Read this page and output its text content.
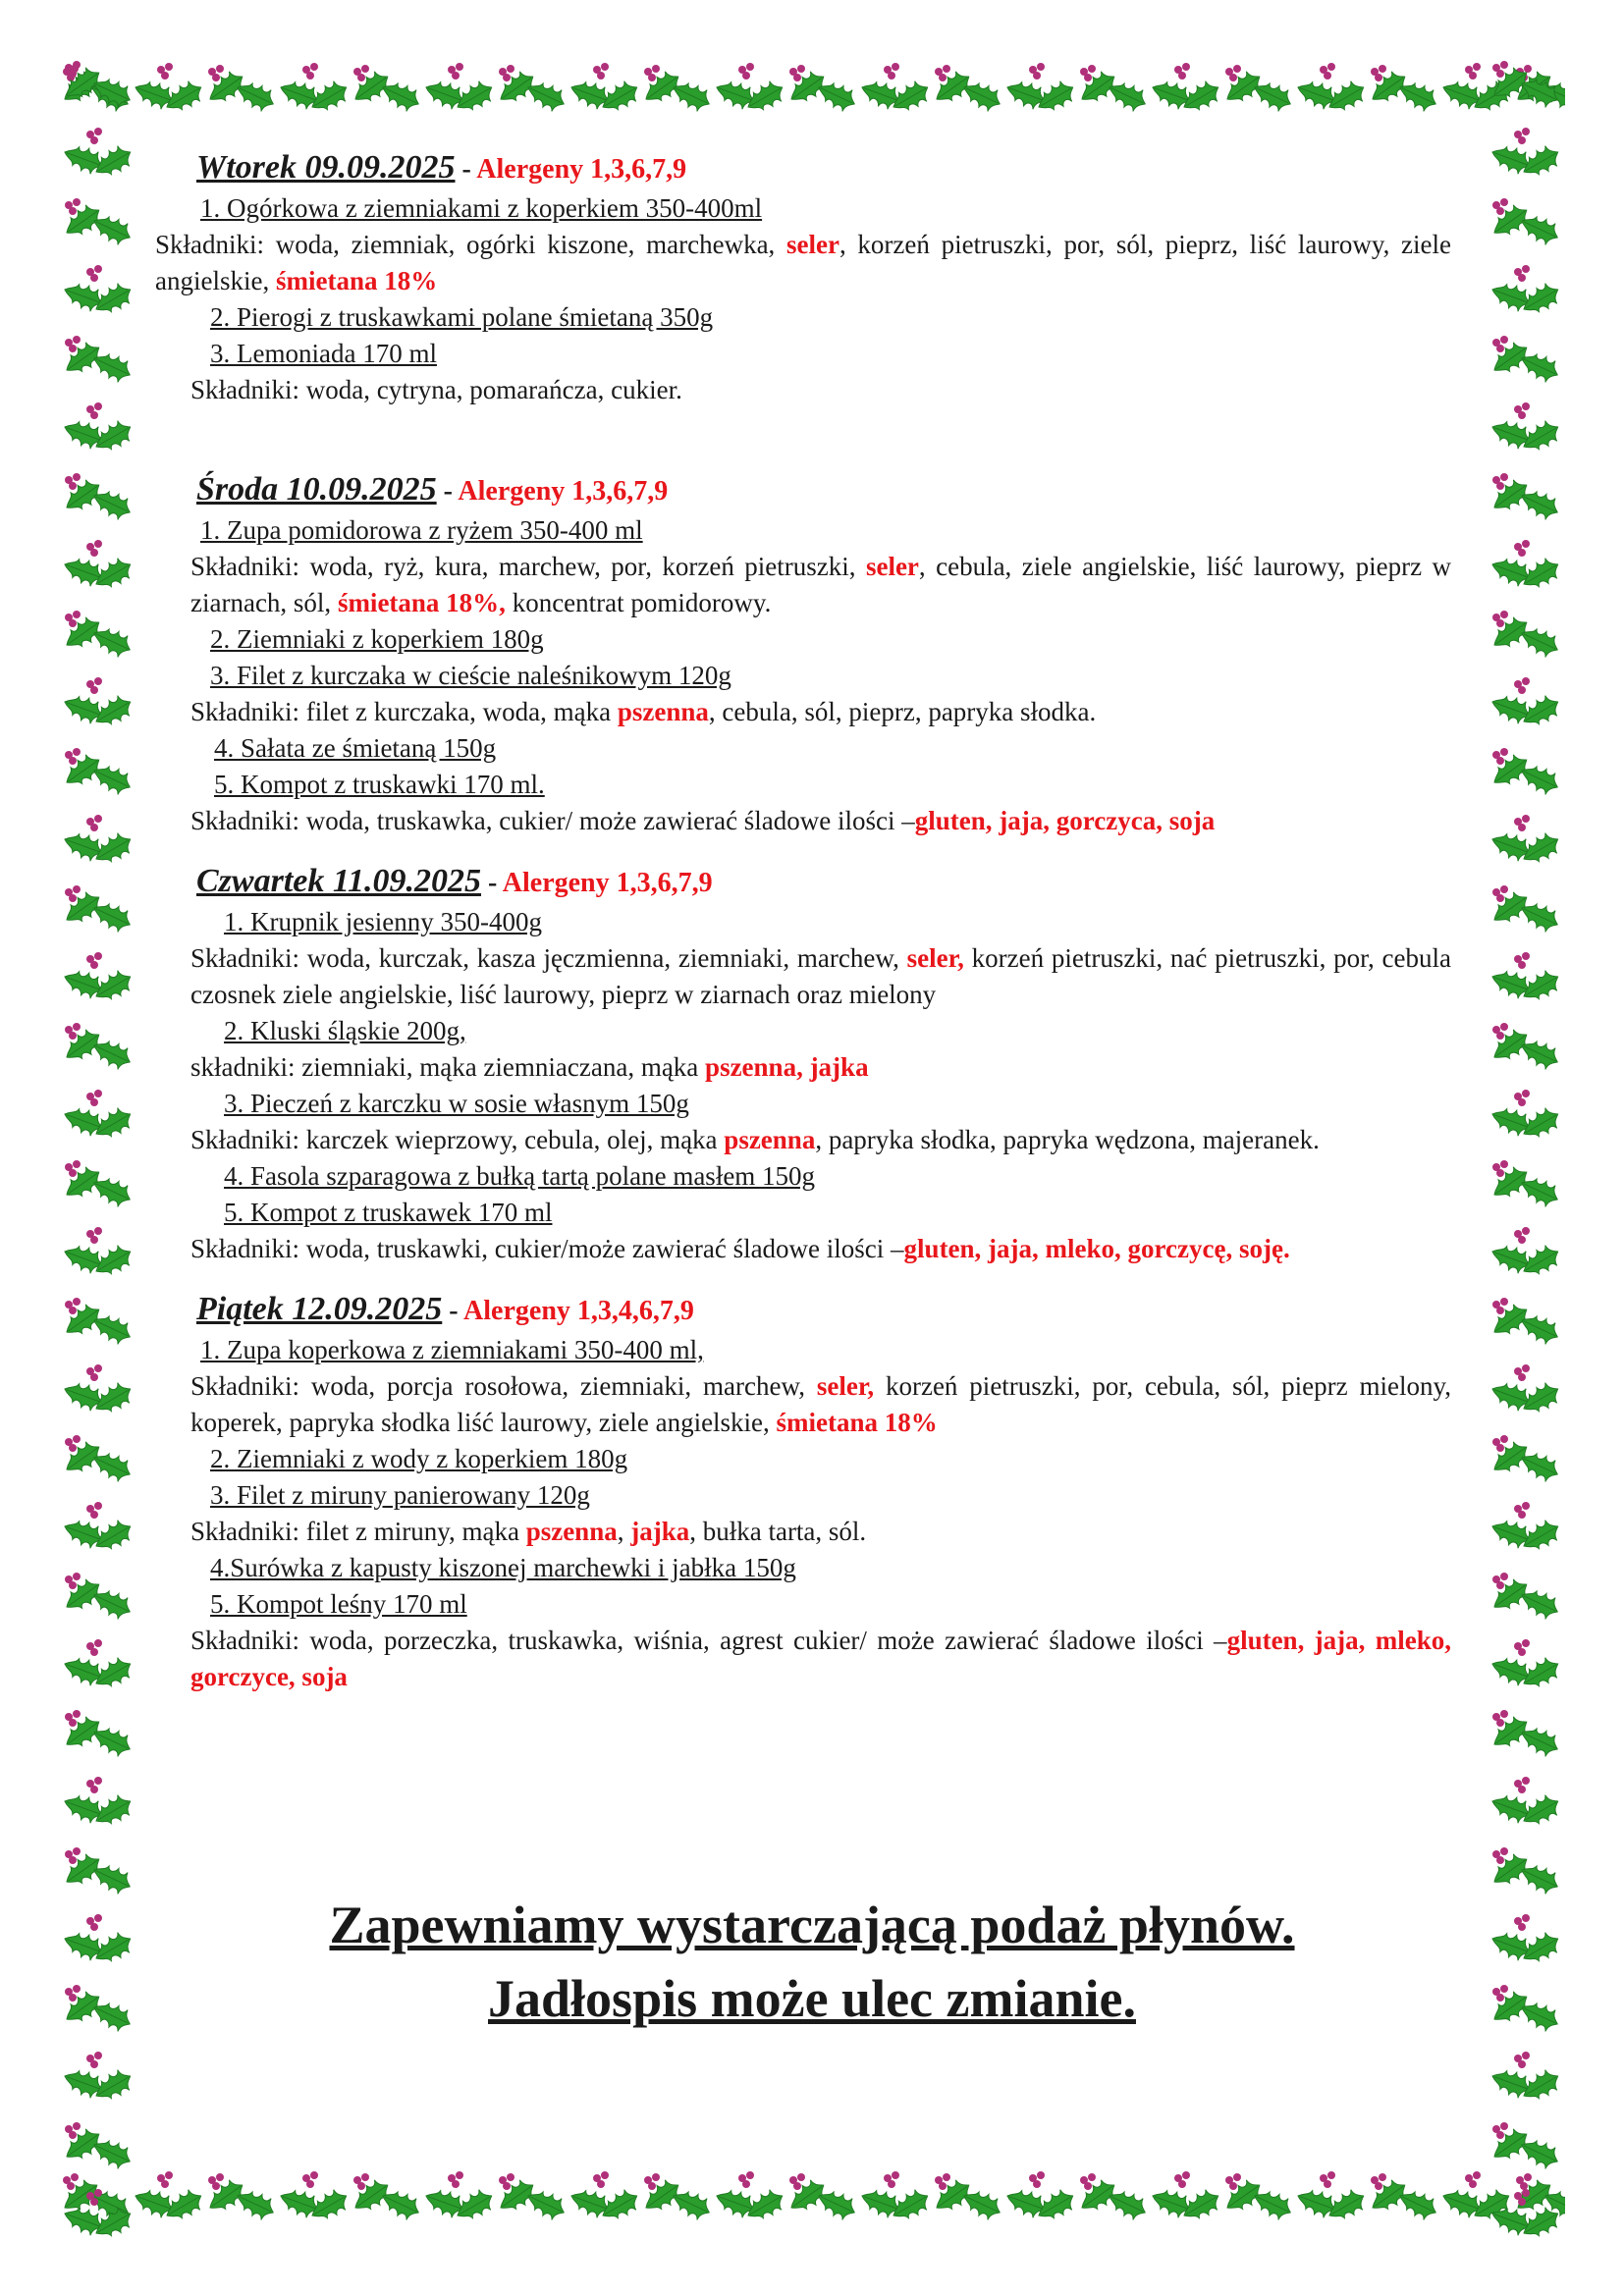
Wtorek 09.09.2025 - Alergeny 1,3,6,7,9
1. Ogórkowa z ziemniakami z koperkiem 350-400ml
Składniki: woda, ziemniak, ogórki kiszone, marchewka, seler, korzeń pietruszki, por, sól, pieprz, liść laurowy, ziele angielskie, śmietana 18%
2. Pierogi z truskawkami polane śmietaną 350g
3. Lemoniada 170 ml
Składniki: woda, cytryna, pomarańcza, cukier.
Środa 10.09.2025 - Alergeny 1,3,6,7,9
1. Zupa pomidorowa z ryżem 350-400 ml
Składniki: woda, ryż, kura, marchew, por, korzeń pietruszki, seler, cebula, ziele angielskie, liść laurowy, pieprz w ziarnach, sól, śmietana 18%, koncentrat pomidorowy.
2. Ziemniaki z koperkiem 180g
3. Filet z kurczaka w cieście naleśnikowym 120g
Składniki: filet z kurczaka, woda, mąka pszenna, cebula, sól, pieprz, papryka słodka.
4. Sałata ze śmietaną 150g
5. Kompot z truskawki 170 ml.
Składniki: woda, truskawka, cukier/ może zawierać śladowe ilości –gluten, jaja, gorczyca, soja
Czwartek 11.09.2025 - Alergeny 1,3,6,7,9
1. Krupnik jesienny 350-400g
Składniki: woda, kurczak, kasza jęczmienna, ziemniaki, marchew, seler, korzeń pietruszki, nać pietruszki, por, cebula czosnek ziele angielskie, liść laurowy, pieprz w ziarnach oraz mielony
2. Kluski śląskie 200g,
składniki: ziemniaki, mąka ziemniaczana, mąka pszenna, jajka
3. Pieczeń z karczku w sosie własnym 150g
Składniki: karczek wieprzowy, cebula, olej, mąka pszenna, papryka słodka, papryka wędzona, majeranek.
4. Fasola szparagowa z bułką tartą polane masłem 150g
5. Kompot z truskawek 170 ml
Składniki: woda, truskawki, cukier/może zawierać śladowe ilości –gluten, jaja, mleko, gorczycę, soję.
Piątek 12.09.2025 - Alergeny 1,3,4,6,7,9
1. Zupa koperkowa z ziemniakami 350-400 ml,
Składniki: woda, porcja rosołowa, ziemniaki, marchew, seler, korzeń pietruszki, por, cebula, sól, pieprz mielony, koperek, papryka słodka liść laurowy, ziele angielskie, śmietana 18%
2. Ziemniaki z wody z koperkiem 180g
3. Filet z miruny panierowany 120g
Składniki: filet z miruny, mąka pszenna, jajka, bułka tarta, sól.
4.Surówka z kapusty kiszonej marchewki i jabłka 150g
5. Kompot leśny 170 ml
Składniki: woda, porzeczka, truskawka, wiśnia, agrest cukier/ może zawierać śladowe ilości –gluten, jaja, mleko, gorczyce, soja
Zapewniamy wystarczającą podaż płynów.
Jadłospis może ulec zmianie.
